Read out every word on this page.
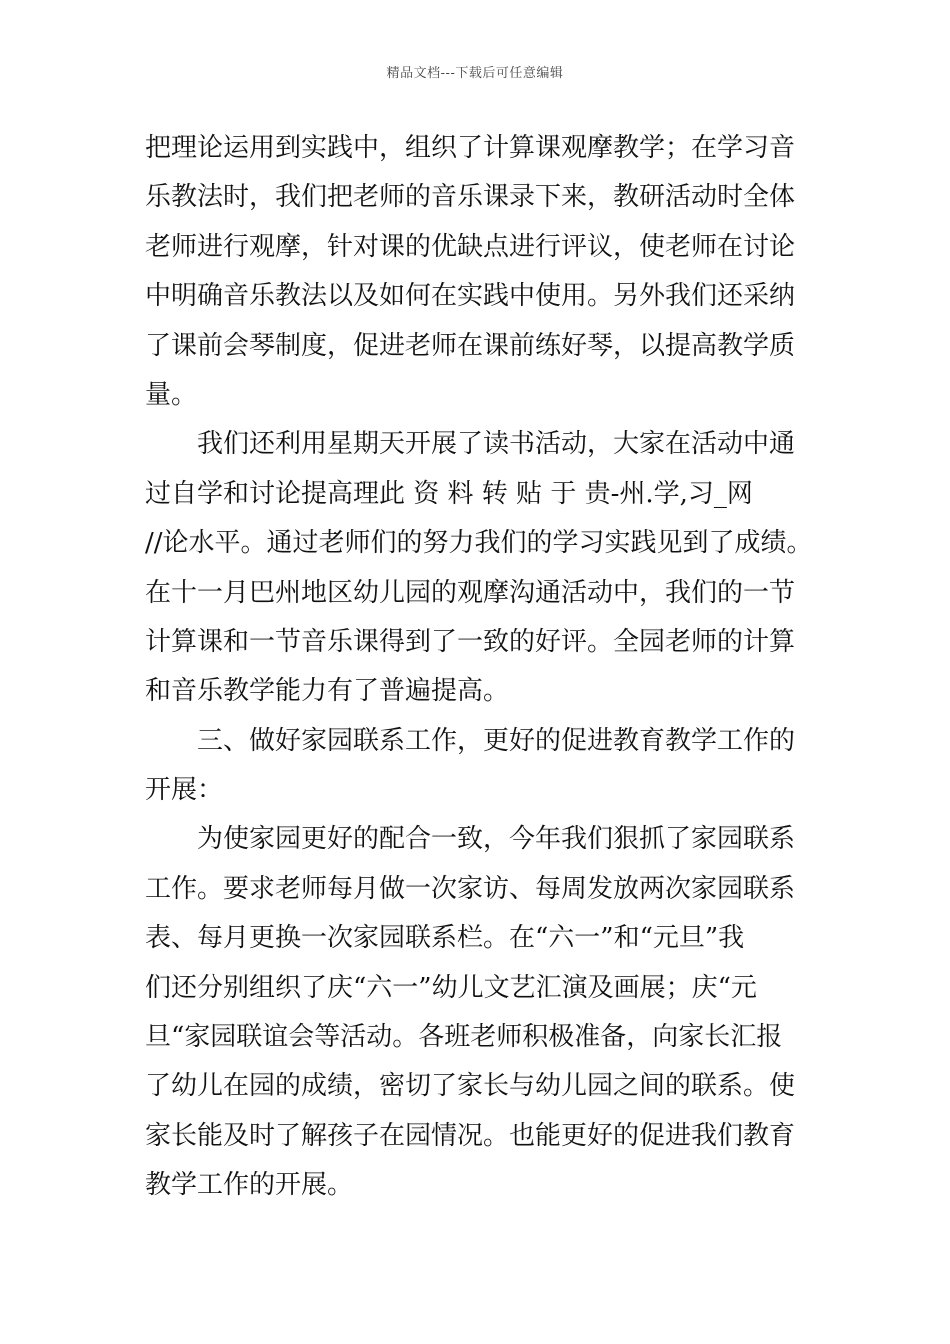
精品文档---下载后可任意编辑
把理论运用到实践中，组织了计算课观摩教学；在学习音
乐教法时，我们把老师的音乐课录下来，教研活动时全体
老师进行观摩，针对课的优缺点进行评议，使老师在讨论
中明确音乐教法以及如何在实践中使用。另外我们还采纳
了课前会琴制度，促进老师在课前练好琴，以提高教学质
量。
我们还利用星期天开展了读书活动，大家在活动中通
过自学和讨论提高理此 资 料 转 贴 于 贵-州.学,习_网
//论水平。通过老师们的努力我们的学习实践见到了成绩。
在十一月巴州地区幼儿园的观摩沟通活动中，我们的一节
计算课和一节音乐课得到了一致的好评。全园老师的计算
和音乐教学能力有了普遍提高。
三、做好家园联系工作，更好的促进教育教学工作的
开展：
为使家园更好的配合一致，今年我们狠抓了家园联系
工作。要求老师每月做一次家访、每周发放两次家园联系
表、每月更换一次家园联系栏。在“六一”和“元旦”我
们还分别组织了庆“六一”幼儿文艺汇演及画展；庆“元
旦“家园联谊会等活动。各班老师积极准备，向家长汇报
了幼儿在园的成绩，密切了家长与幼儿园之间的联系。使
家长能及时了解孩子在园情况。也能更好的促进我们教育
教学工作的开展。
